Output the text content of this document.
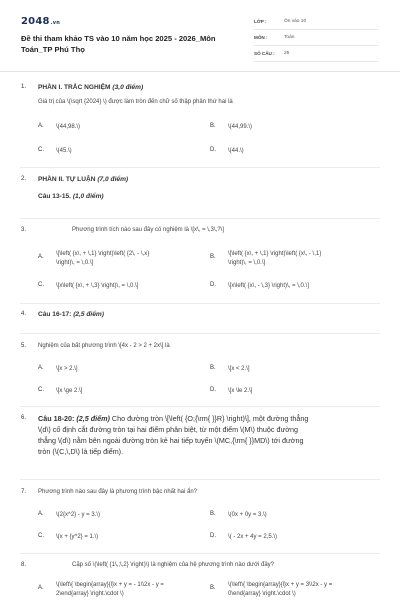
2048.vn
Đề thi tham khảo TS vào 10 năm học 2025 - 2026_Môn Toán_TP Phú Thọ
LỚP :	Ôn vào 10
MÔN :	Toán
SỐ CÂU :	25
1. PHẦN I. TRẮC NGHIỆM (3,0 điểm)
Giá trị của \(\sqrt {2024} \) được làm tròn đến chữ số thập phân thứ hai là
A.	\(44,98.\)	B.	\(44,99.\)
C.	\(45.\)	D.	\(44.\)
2. PHẦN II. TỰ LUẬN (7,0 điểm)
Câu 13-15. (1,0 điểm)
3.	Phương trình tích nào sau đây có nghiệm là \[x\, = \,3\,?\]
A.	\[\left( {x\, + \,1} \right)\left( {2\, - \,x}
\right)\, = \,0.\]
B.	\[\left( {x\, + \,1} \right)\left( {x\, - \,1}
\right)\, = \,0.\]
C.	\[x\left( {x\, + \,3} \right)\, = \,0.\]	D.	\[x\left( {x\, - \,3} \right)\, = \,0.\]
4. Câu 16-17: (2,5 điểm)
5. Nghiệm của bất phương trình \[4x - 2 > 2 + 2x\] là
A.	\[x > 2.\]	B.	\[x < 2.\]
C.	\[x \ge 2.\]	D.	\[x \le 2.\]
6. Câu 18-20: (2,5 điểm) Cho đường tròn \[\left( {O;{\rm{ }}R} \right)\], một đường thẳng
\(d\) cố định cắt đường tròn tại hai điểm phân biệt, từ một điểm \(M\) thuộc đường
thẳng \(d\) nằm bên ngoài đường tròn kẻ hai tiếp tuyến \(MC,{\rm{ }}MD\) tới đường
tròn (\(C,\,D\) là tiếp điểm).
7. Phương trình nào sau đây là phương trình bậc nhất hai ẩn?
A.	\(2{x^2} - y = 3.\)	B.	\(0x + 0y = 3.\)
C.	\(x + {y^2} = 1.\)	D.	\( - 2x + 4y = 2,5.\)
8.	Cặp số \(\left( {1\,;\,2} \right)\) là nghiệm của hệ phương trình nào dưới đây?
A.	\(\left\{ \begin{array}{l}x + y = - 1\\2x - y =
2\end{array} \right.\cdot \)
B.	\(\left\{ \begin{array}{l}x + y = 3\\2x - y =
0\end{array} \right.\cdot \)
